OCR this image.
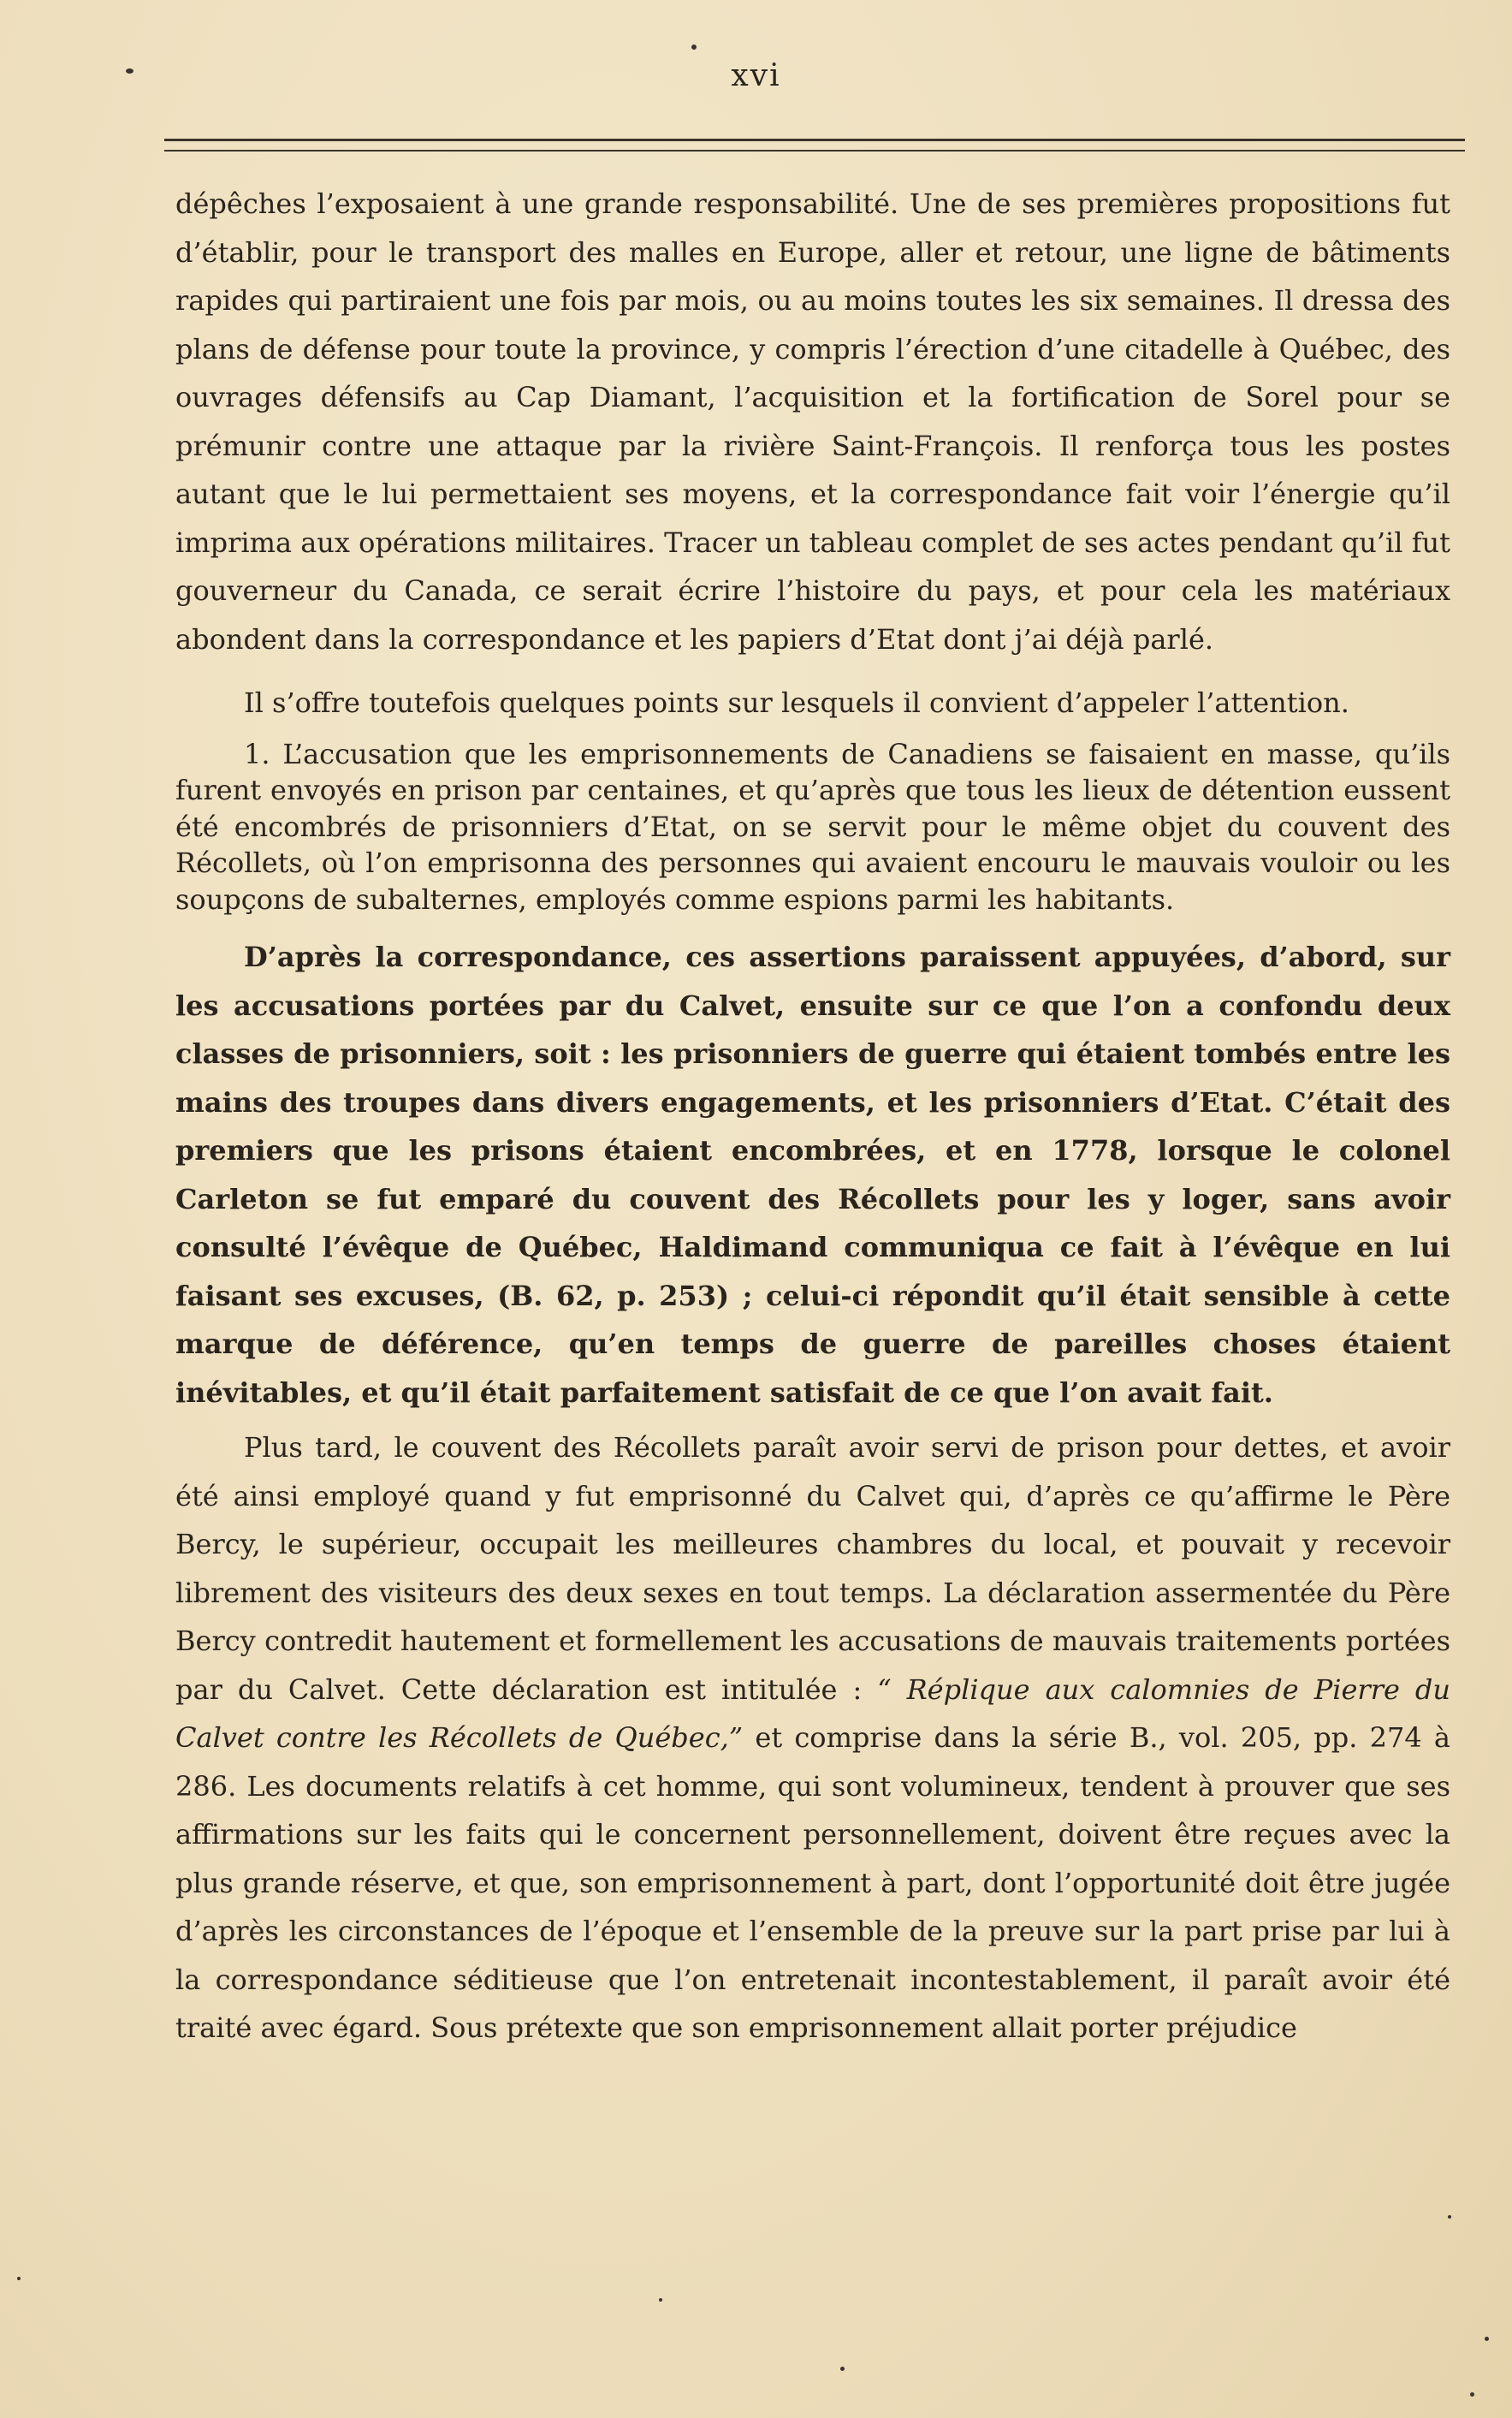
xvi

dépêches l’exposaient à une grande responsabilité. Une de ses premières propositions fut d’établir, pour le transport des malles en Europe, aller et retour, une ligne de bâtiments rapides qui partiraient une fois par mois, ou au moins toutes les six semaines. Il dressa des plans de défense pour toute la province, y compris l’érection d’une citadelle à Québec, des ouvrages défensifs au Cap Diamant, l’acquisition et la fortification de Sorel pour se prémunir contre une attaque par la rivière Saint-François. Il renforça tous les postes autant que le lui permettaient ses moyens, et la correspondance fait voir l’énergie qu’il imprima aux opérations militaires. Tracer un tableau complet de ses actes pendant qu’il fut gouverneur du Canada, ce serait écrire l’histoire du pays, et pour cela les matériaux abondent dans la correspondance et les papiers d’Etat dont j’ai déjà parlé.

Il s’offre toutefois quelques points sur lesquels il convient d’appeler l’attention.

1. L’accusation que les emprisonnements de Canadiens se faisaient en masse, qu’ils furent envoyés en prison par centaines, et qu’après que tous les lieux de détention eussent été encombrés de prisonniers d’Etat, on se servit pour le même objet du couvent des Récollets, où l’on emprisonna des personnes qui avaient encouru le mauvais vouloir ou les soupçons de subalternes, employés comme espions parmi les habitants.

D’après la correspondance, ces assertions paraissent appuyées, d’abord, sur les accusations portées par du Calvet, ensuite sur ce que l’on a confondu deux classes de prisonniers, soit : les prisonniers de guerre qui étaient tombés entre les mains des troupes dans divers engagements, et les prisonniers d’Etat. C’était des premiers que les prisons étaient encombrées, et en 1778, lorsque le colonel Carleton se fut emparé du couvent des Récollets pour les y loger, sans avoir consulté l’évêque de Québec, Haldimand communiqua ce fait à l’évêque en lui faisant ses excuses, (B. 62, p. 253) ; celui-ci répondit qu’il était sensible à cette marque de déférence, qu’en temps de guerre de pareilles choses étaient inévitables, et qu’il était parfaitement satisfait de ce que l’on avait fait.

Plus tard, le couvent des Récollets paraît avoir servi de prison pour dettes, et avoir été ainsi employé quand y fut emprisonné du Calvet qui, d’après ce qu’affirme le Père Bercy, le supérieur, occupait les meilleures chambres du local, et pouvait y recevoir librement des visiteurs des deux sexes en tout temps. La déclaration assermentée du Père Bercy contredit hautement et formellement les accusations de mauvais traitements portées par du Calvet. Cette déclaration est intitulée : “ Réplique aux calomnies de Pierre du Calvet contre les Récollets de Québec,” et comprise dans la série B., vol. 205, pp. 274 à 286. Les documents relatifs à cet homme, qui sont volumineux, tendent à prouver que ses affirmations sur les faits qui le concernent personnellement, doivent être reçues avec la plus grande réserve, et que, son emprisonnement à part, dont l’opportunité doit être jugée d’après les circonstances de l’époque et l’ensemble de la preuve sur la part prise par lui à la correspondance séditieuse que l’on entretenait incontestablement, il paraît avoir été traité avec égard. Sous prétexte que son emprisonnement allait porter préjudice
